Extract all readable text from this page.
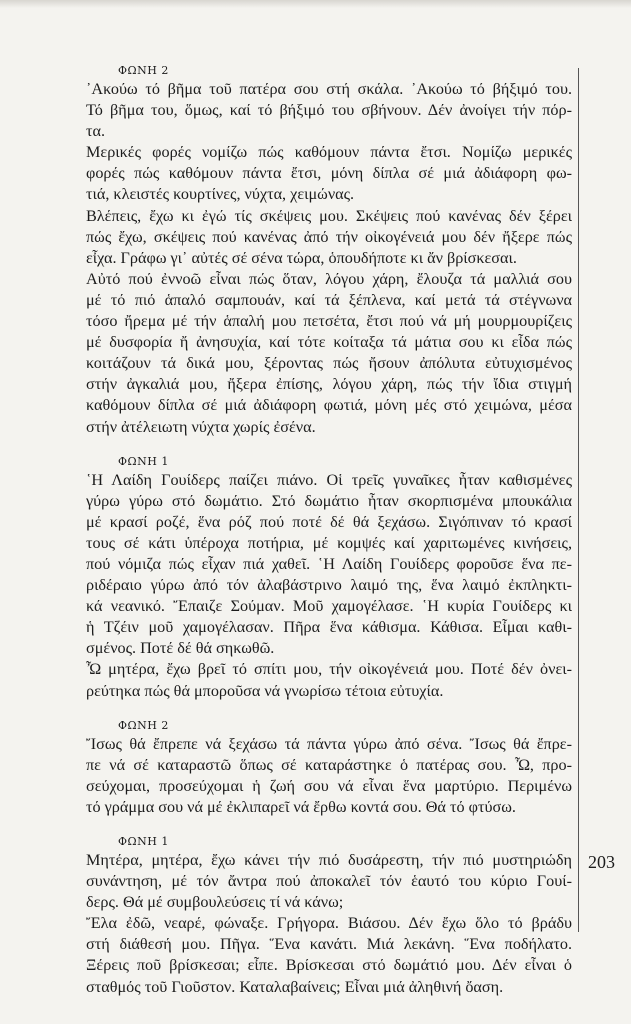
ΦΩΝΗ 2
᾿Ακούω τό βῆμα τοῦ πατέρα σου στή σκάλα. ᾿Ακούω τό βήξιμό του.
Τό βῆμα του, ὅμως, καί τό βήξιμό του σβήνουν. Δέν ἀνοίγει τήν πόρ-
τα.
Μερικές φορές νομίζω πώς καθόμουν πάντα ἔτσι. Νομίζω μερικές
φορές πώς καθόμουν πάντα ἔτσι, μόνη δίπλα σέ μιά ἀδιάφορη φω-
τιά, κλειστές κουρτίνες, νύχτα, χειμώνας.
Βλέπεις, ἔχω κι ἐγώ τίς σκέψεις μου. Σκέψεις πού κανένας δέν ξέρει
πώς ἔχω, σκέψεις πού κανένας ἀπό τήν οἰκογένειά μου δέν ἤξερε πώς
εἶχα. Γράφω γι᾿ αὐτές σέ σένα τώρα, ὁπουδήποτε κι ἄν βρίσκεσαι.
Αὐτό πού ἐννοῶ εἶναι πώς ὅταν, λόγου χάρη, ἔλουζα τά μαλλιά σου
μέ τό πιό ἁπαλό σαμπουάν, καί τά ξέπλενα, καί μετά τά στέγνωνα
τόσο ἤρεμα μέ τήν ἁπαλή μου πετσέτα, ἔτσι πού νά μή μουρμουρίζεις
μέ δυσφορία ἤ ἀνησυχία, καί τότε κοίταξα τά μάτια σου κι εἶδα πώς
κοιτάζουν τά δικά μου, ξέροντας πώς ἤσουν ἀπόλυτα εὐτυχισμένος
στήν ἀγκαλιά μου, ἤξερα ἐπίσης, λόγου χάρη, πώς τήν ἴδια στιγμή
καθόμουν δίπλα σέ μιά ἀδιάφορη φωτιά, μόνη μές στό χειμώνα, μέσα
στήν ἀτέλειωτη νύχτα χωρίς ἐσένα.
ΦΩΝΗ 1
῾Η Λαίδη Γουίδερς παίζει πιάνο. Οἱ τρεῖς γυναῖκες ἦταν καθισμένες
γύρω γύρω στό δωμάτιο. Στό δωμάτιο ἦταν σκορπισμένα μπουκάλια
μέ κρασί ροζέ, ἕνα ρόζ πού ποτέ δέ θά ξεχάσω. Σιγόπιναν τό κρασί
τους σέ κάτι ὑπέροχα ποτήρια, μέ κομψές καί χαριτωμένες κινήσεις,
πού νόμιζα πώς εἶχαν πιά χαθεῖ. ῾Η Λαίδη Γουίδερς φοροῦσε ἕνα πε-
ριδέραιο γύρω ἀπό τόν ἀλαβάστρινο λαιμό της, ἕνα λαιμό ἐκπληκτι-
κά νεανικό. Ἔπαιζε Σούμαν. Μοῦ χαμογέλασε. ῾Η κυρία Γουίδερς κι
ἡ Τζέιν μοῦ χαμογέλασαν. Πῆρα ἕνα κάθισμα. Κάθισα. Εἶμαι καθι-
σμένος. Ποτέ δέ θά σηκωθῶ.
Ὦ μητέρα, ἔχω βρεῖ τό σπίτι μου, τήν οἰκογένειά μου. Ποτέ δέν ὀνει-
ρεύτηκα πώς θά μποροῦσα νά γνωρίσω τέτοια εὐτυχία.
ΦΩΝΗ 2
Ἴσως θά ἔπρεπε νά ξεχάσω τά πάντα γύρω ἀπό σένα. Ἴσως θά ἔπρε-
πε νά σέ καταραστῶ ὅπως σέ καταράστηκε ὁ πατέρας σου. Ὦ, προ-
σεύχομαι, προσεύχομαι ἡ ζωή σου νά εἶναι ἕνα μαρτύριο. Περιμένω
τό γράμμα σου νά μέ ἐκλιπαρεῖ νά ἔρθω κοντά σου. Θά τό φτύσω.
ΦΩΝΗ 1
Μητέρα, μητέρα, ἔχω κάνει τήν πιό δυσάρεστη, τήν πιό μυστηριώδη
συνάντηση, μέ τόν ἄντρα πού ἀποκαλεῖ τόν ἑαυτό του κύριο Γουί-
δερς. Θά μέ συμβουλεύσεις τί νά κάνω;
Ἔλα ἐδῶ, νεαρέ, φώναξε. Γρήγορα. Βιάσου. Δέν ἔχω ὅλο τό βράδυ
στή διάθεσή μου. Πῆγα. Ἕνα κανάτι. Μιά λεκάνη. Ἕνα ποδήλατο.
Ξέρεις ποῦ βρίσκεσαι; εἶπε. Βρίσκεσαι στό δωμάτιό μου. Δέν εἶναι ὁ
σταθμός τοῦ Γιοῦστον. Καταλαβαίνεις; Εἶναι μιά ἀληθινή ὄαση.
203
